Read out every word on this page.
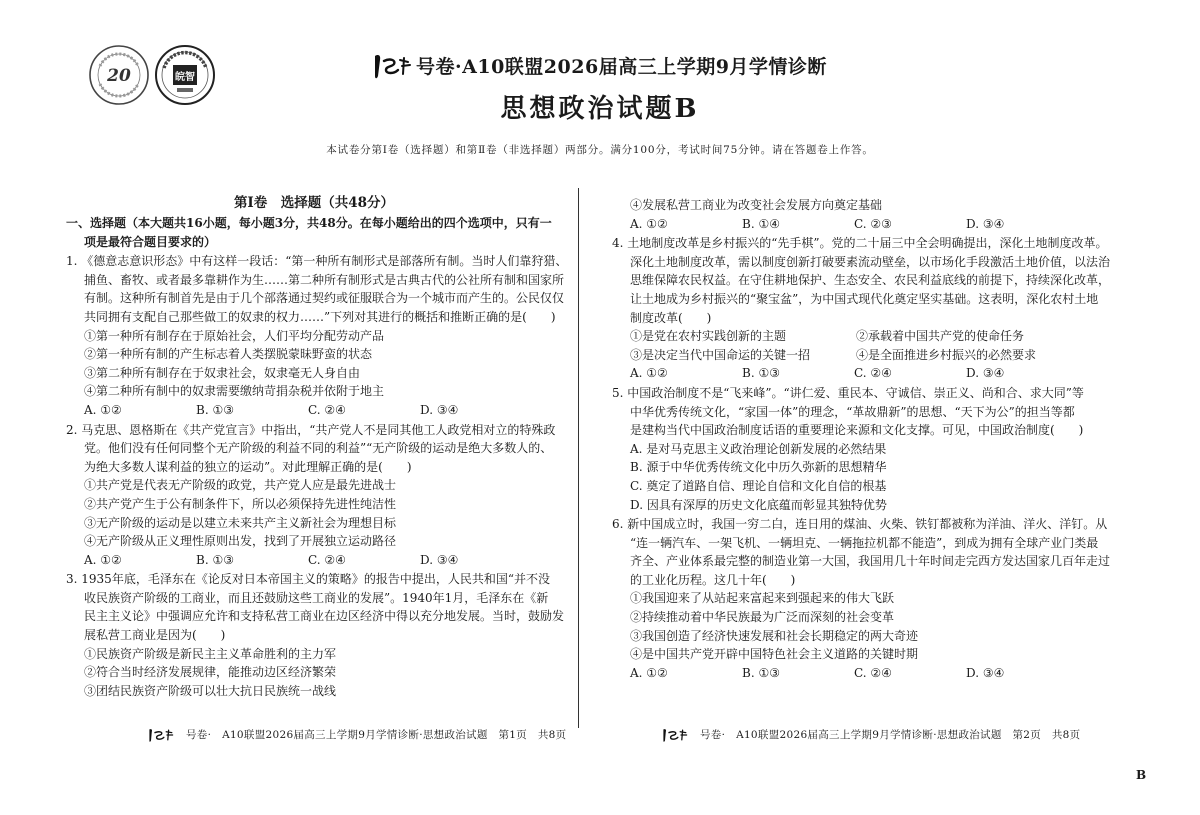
20	皖智	号卷·A10联盟2026届高三上学期9月学情诊断
思想政治试题B
本试卷分第Ⅰ卷（选择题）和第Ⅱ卷（非选择题）两部分。满分100分，考试时间75分钟。请在答题卷上作答。
第Ⅰ卷　选择题（共48分）
一、选择题（本大题共16小题，每小题3分，共48分。在每小题给出的四个选项中，只有一
项是最符合题目要求的）
1. 《德意志意识形态》中有这样一段话：“第一种所有制形式是部落所有制。当时人们靠狩猎、
捕鱼、畜牧、或者最多靠耕作为生……第二种所有制形式是古典古代的公社所有制和国家所
有制。这种所有制首先是由于几个部落通过契约或征服联合为一个城市而产生的。公民仅仅
共同拥有支配自己那些做工的奴隶的权力……”下列对其进行的概括和推断正确的是(　　)
①第一种所有制存在于原始社会，人们平均分配劳动产品
②第一种所有制的产生标志着人类摆脱蒙昧野蛮的状态
③第二种所有制存在于奴隶社会，奴隶毫无人身自由
④第二种所有制中的奴隶需要缴纳苛捐杂税并依附于地主
A. ①②	B. ①③	C. ②④	D. ③④
2. 马克思、恩格斯在《共产党宣言》中指出，“共产党人不是同其他工人政党相对立的特殊政
党。他们没有任何同整个无产阶级的利益不同的利益”“无产阶级的运动是绝大多数人的、
为绝大多数人谋利益的独立的运动”。对此理解正确的是(　　)
①共产党是代表无产阶级的政党，共产党人应是最先进战士
②共产党产生于公有制条件下，所以必须保持先进性纯洁性
③无产阶级的运动是以建立未来共产主义新社会为理想目标
④无产阶级从正义理性原则出发，找到了开展独立运动路径
A. ①②	B. ①③	C. ②④	D. ③④
3. 1935年底，毛泽东在《论反对日本帝国主义的策略》的报告中提出，人民共和国“并不没
收民族资产阶级的工商业，而且还鼓励这些工商业的发展”。1940年1月，毛泽东在《新
民主主义论》中强调应允许和支持私营工商业在边区经济中得以充分地发展。当时，鼓励发
展私营工商业是因为(　　)
①民族资产阶级是新民主主义革命胜利的主力军
②符合当时经济发展规律，能推动边区经济繁荣
③团结民族资产阶级可以壮大抗日民族统一战线
④发展私营工商业为改变社会发展方向奠定基础
A. ①②	B. ①④	C. ②③	D. ③④
4. 土地制度改革是乡村振兴的“先手棋”。党的二十届三中全会明确提出，深化土地制度改革。
深化土地制度改革，需以制度创新打破要素流动壁垒，以市场化手段激活土地价值，以法治
思维保障农民权益。在守住耕地保护、生态安全、农民利益底线的前提下，持续深化改革，
让土地成为乡村振兴的“聚宝盆”，为中国式现代化奠定坚实基础。这表明，深化农村土地
制度改革(　　)
①是党在农村实践创新的主题	②承载着中国共产党的使命任务
③是决定当代中国命运的关键一招	④是全面推进乡村振兴的必然要求
A. ①②	B. ①③	C. ②④	D. ③④
5. 中国政治制度不是“飞来峰”。“讲仁爱、重民本、守诚信、崇正义、尚和合、求大同”等
中华优秀传统文化，“家国一体”的理念，“革故鼎新”的思想、“天下为公”的担当等都
是建构当代中国政治制度话语的重要理论来源和文化支撑。可见，中国政治制度(　　)
A. 是对马克思主义政治理论创新发展的必然结果
B. 源于中华优秀传统文化中历久弥新的思想精华
C. 奠定了道路自信、理论自信和文化自信的根基
D. 因具有深厚的历史文化底蕴而彰显其独特优势
6. 新中国成立时，我国一穷二白，连日用的煤油、火柴、铁钉都被称为洋油、洋火、洋钉。从
“连一辆汽车、一架飞机、一辆坦克、一辆拖拉机都不能造”，到成为拥有全球产业门类最
齐全、产业体系最完整的制造业第一大国，我国用几十年时间走完西方发达国家几百年走过
的工业化历程。这几十年(　　)
①我国迎来了从站起来富起来到强起来的伟大飞跃
②持续推动着中华民族最为广泛而深刻的社会变革
③我国创造了经济快速发展和社会长期稳定的两大奇迹
④是中国共产党开辟中国特色社会主义道路的关键时期
A. ①②	B. ①③	C. ②④	D. ③④
号卷·　 A10联盟2026届高三上学期9月学情诊断·思想政治试题　第1页　共8页	号卷·　 A10联盟2026届高三上学期9月学情诊断·思想政治试题　第2页　共8页
B
